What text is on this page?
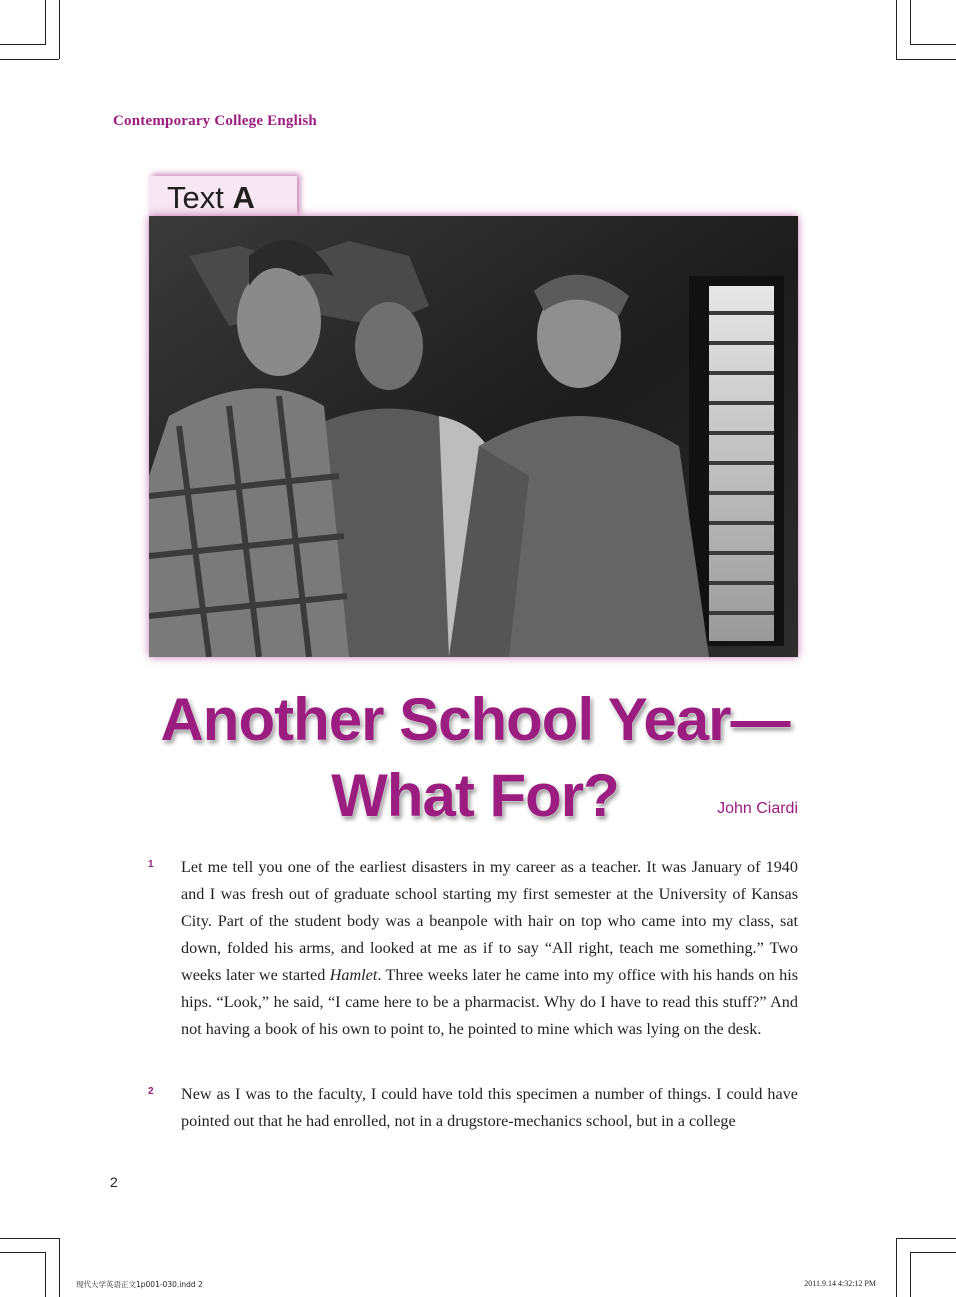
Contemporary College English
Text A
Another School Year—
What For?	John Ciardi
1 Let me tell you one of the earliest disasters in my career as a teacher. It was January of 1940 and I was fresh out of graduate school starting my first semester at the University of Kansas City. Part of the student body was a beanpole with hair on top who came into my class, sat down, folded his arms, and looked at me as if to say “All right, teach me something.” Two weeks later we started Hamlet. Three weeks later he came into my office with his hands on his hips. “Look,” he said, “I came here to be a pharmacist. Why do I have to read this stuff?” And not having a book of his own to point to, he pointed to mine which was lying on the desk.
2 New as I was to the faculty, I could have told this specimen a number of things. I could have pointed out that he had enrolled, not in a drugstore-mechanics school, but in a college
2
现代大学英语正文1p001-030.indd 2	2011.9.14 4:32:12 PM
